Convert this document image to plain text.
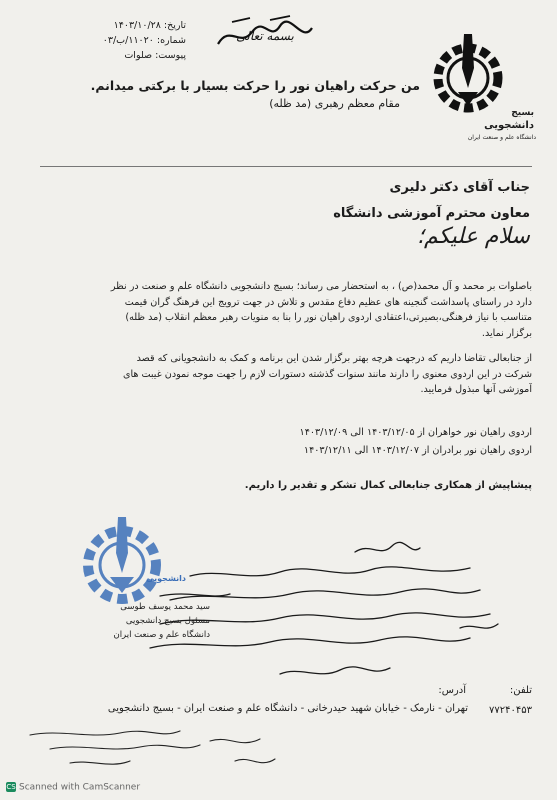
بسمه تعالی
تاریخ: ۱۴۰۳/۱۰/۲۸
شماره: ۱۱۰۲۰/ب/۰۳
پیوست: صلوات
بسیج
دانشجویی
دانشگاه علم و صنعت ایران
من حرکت راهیان نور را حرکت بسیار با برکتی میدانم.
مقام معظم رهبری (مد ظله)
جناب آقای دکتر دلیری
معاون محترم آموزشی دانشگاه
سلام علیکم؛
باصلوات بر محمد و آل محمد(ص) ، به استحضار می رساند؛ بسیج دانشجویی دانشگاه علم و صنعت در نظر
دارد در راستای پاسداشت گنجینه های عظیم دفاع مقدس و تلاش در جهت ترویج این فرهنگ گران قیمت
متناسب با نیاز فرهنگی،بصیرتی،اعتقادی اردوی راهیان نور را بنا به منویات رهبر معظم انقلاب (مد ظله)
برگزار نماید.
از جنابعالی تقاضا داریم که درجهت هرچه بهتر برگزار شدن این برنامه و کمک به دانشجویانی که قصد
شرکت در این اردوی معنوی را دارند مانند سنوات گذشته دستورات لازم را جهت موجه نمودن غیبت های
آموزشی آنها مبذول فرمایید.
اردوی راهیان نور خواهران از ۱۴۰۳/۱۲/۰۵ الی ۱۴۰۳/۱۲/۰۹
اردوی راهیان نور برادران از ۱۴۰۳/۱۲/۰۷ الی ۱۴۰۳/۱۲/۱۱
پیشاپیش از همکاری جنابعالی کمال تشکر و تقدیر را داریم.
دانشجویی
سید محمد یوسف طوسی
مسئول بسیج دانشجویی
دانشگاه علم و صنعت ایران
تلفن:
۷۷۲۴۰۴۵۳
آدرس:
تهران - نارمک - خیابان شهید حیدرخانی - دانشگاه علم و صنعت ایران - بسیج دانشجویی
CS Scanned with CamScanner
